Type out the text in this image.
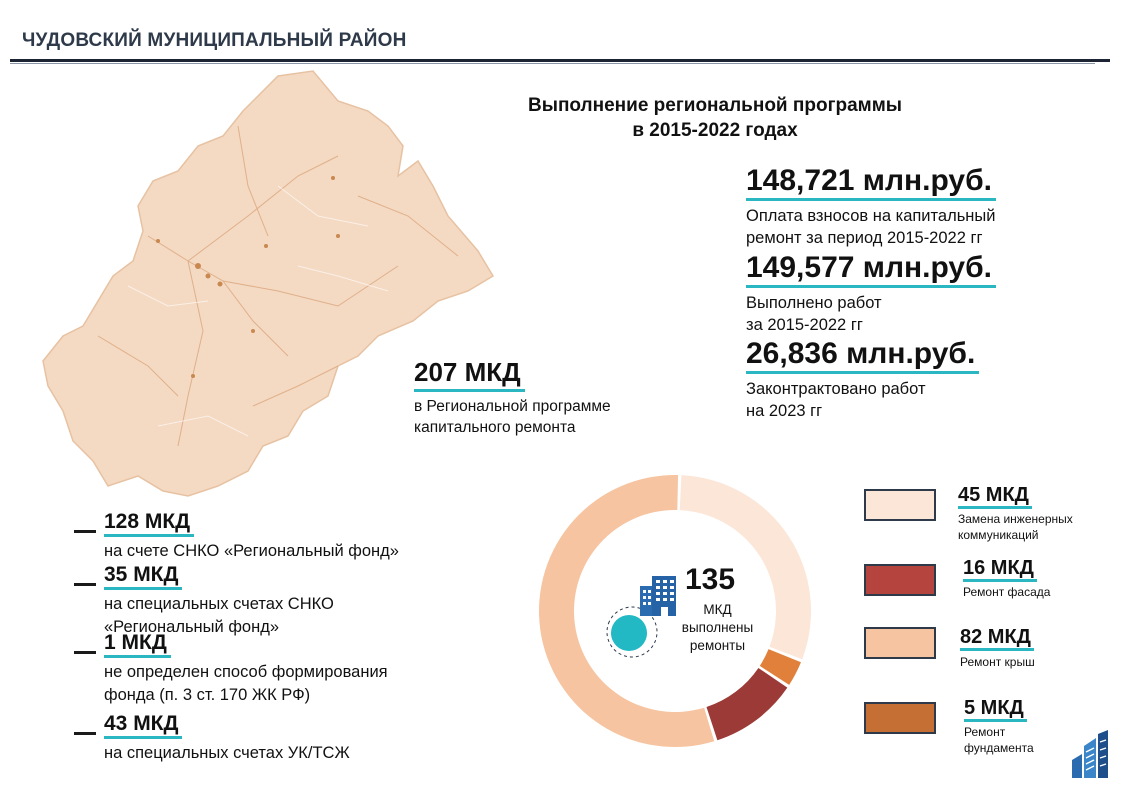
ЧУДОВСКИЙ МУНИЦИПАЛЬНЫЙ РАЙОН
Выполнение региональной программы
в 2015-2022 годах
148,721 млн.руб.
Оплата взносов на капитальный
ремонт за период 2015-2022 гг
149,577 млн.руб.
Выполнено работ
за 2015-2022 гг
26,836 млн.руб.
Законтрактовано работ
на 2023 гг
207 МКД
в Региональной программе
капитального ремонта
128 МКД
на счете СНКО «Региональный фонд»
35 МКД
на специальных счетах СНКО
«Региональный фонд»
1 МКД
не определен способ формирования
фонда (п. 3 ст. 170 ЖК РФ)
43 МКД
на специальных счетах УК/ТСЖ
135
МКД
выполнены
ремонты
45 МКД
Замена инженерных
коммуникаций
16 МКД
Ремонт фасада
82 МКД
Ремонт крыш
5 МКД
Ремонт
фундамента
